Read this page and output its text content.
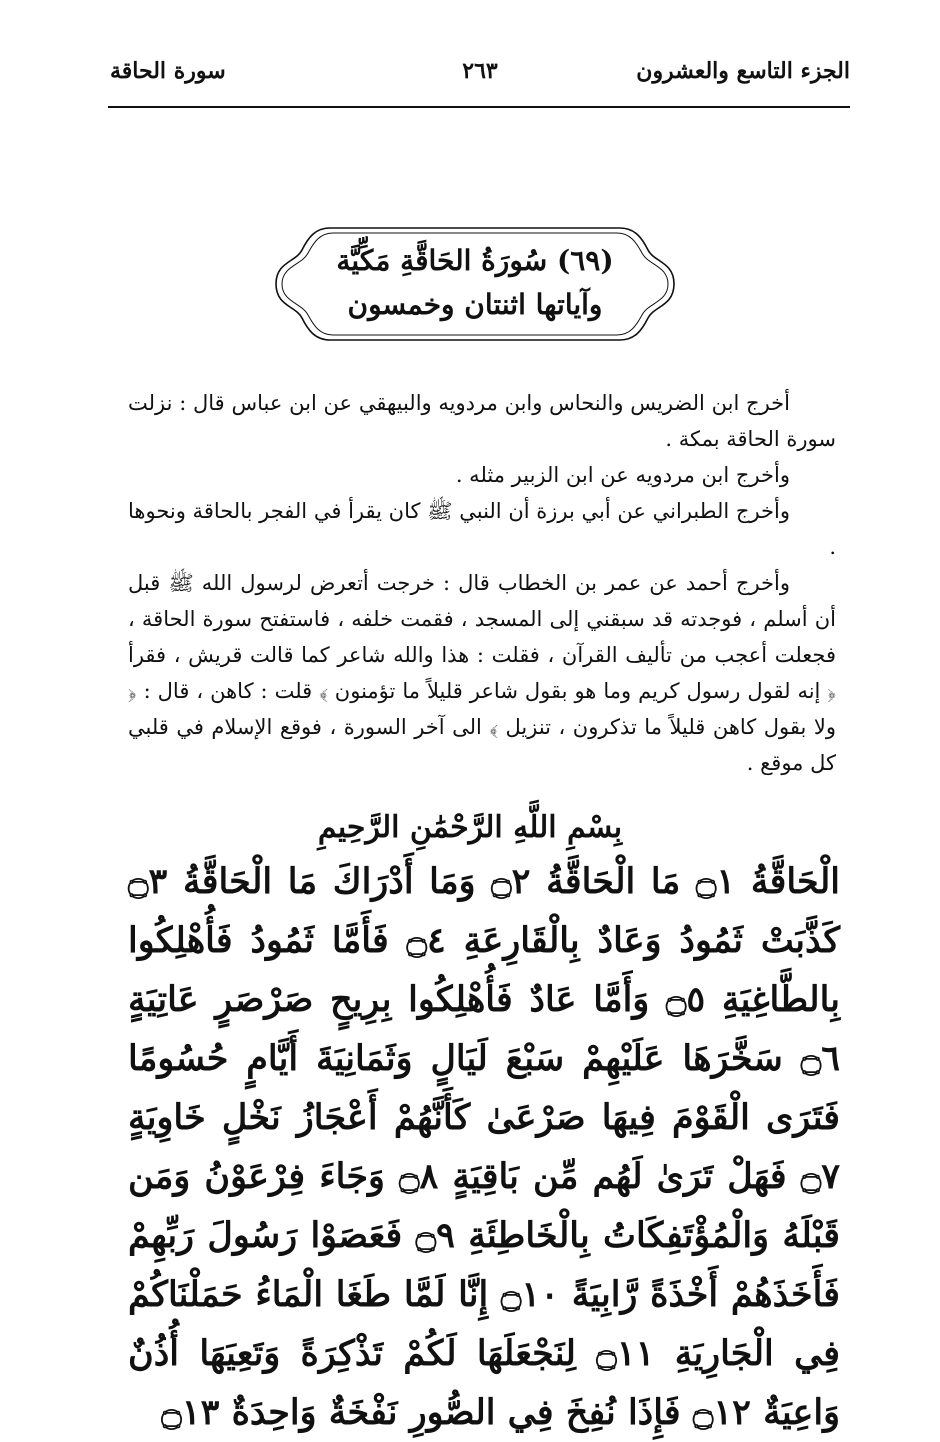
الجزء التاسع والعشرون
٢٦٣
سورة الحاقة
(٦٩) سُورَةُ الحَاقَّةِ مَكِّيَّة
وآياتها اثنتان وخمسون

أخرج ابن الضريس والنحاس وابن مردويه والبيهقي عن ابن عباس قال : نزلت سورة الحاقة بمكة .

وأخرج ابن مردويه عن ابن الزبير مثله .

وأخرج الطبراني عن أبي برزة أن النبي ﷺ كان يقرأ في الفجر بالحاقة ونحوها .

وأخرج أحمد عن عمر بن الخطاب قال : خرجت أتعرض لرسول الله ﷺ قبل أن أسلم ، فوجدته قد سبقني إلى المسجد ، فقمت خلفه ، فاستفتح سورة الحاقة ، فجعلت أعجب من تأليف القرآن ، فقلت : هذا والله شاعر كما قالت قريش ، فقرأ ﴿ إنه لقول رسول كريم وما هو بقول شاعر قليلاً ما تؤمنون ﴾ قلت : كاهن ، قال : ﴿ ولا بقول كاهن قليلاً ما تذكرون ، تنزيل ﴾ الى آخر السورة ، فوقع الإسلام في قلبي كل موقع .

بِسْمِ اللَّهِ الرَّحْمَٰنِ الرَّحِيمِ
الْحَاقَّةُ ۝١ مَا الْحَاقَّةُ ۝٢ وَمَا أَدْرَاكَ مَا الْحَاقَّةُ ۝٣ كَذَّبَتْ ثَمُودُ وَعَادٌ بِالْقَارِعَةِ ۝٤ فَأَمَّا ثَمُودُ فَأُهْلِكُوا بِالطَّاغِيَةِ ۝٥ وَأَمَّا عَادٌ فَأُهْلِكُوا بِرِيحٍ صَرْصَرٍ عَاتِيَةٍ ۝٦ سَخَّرَهَا عَلَيْهِمْ سَبْعَ لَيَالٍ وَثَمَانِيَةَ أَيَّامٍ حُسُومًا فَتَرَى الْقَوْمَ فِيهَا صَرْعَىٰ كَأَنَّهُمْ أَعْجَازُ نَخْلٍ خَاوِيَةٍ ۝٧ فَهَلْ تَرَىٰ لَهُم مِّن بَاقِيَةٍ ۝٨ وَجَاءَ فِرْعَوْنُ وَمَن قَبْلَهُ وَالْمُؤْتَفِكَاتُ بِالْخَاطِئَةِ ۝٩ فَعَصَوْا رَسُولَ رَبِّهِمْ فَأَخَذَهُمْ أَخْذَةً رَّابِيَةً ۝١٠ إِنَّا لَمَّا طَغَا الْمَاءُ حَمَلْنَاكُمْ فِي الْجَارِيَةِ ۝١١ لِنَجْعَلَهَا لَكُمْ تَذْكِرَةً وَتَعِيَهَا أُذُنٌ وَاعِيَةٌ ۝١٢ فَإِذَا نُفِخَ فِي الصُّورِ نَفْخَةٌ وَاحِدَةٌ ۝١٣
